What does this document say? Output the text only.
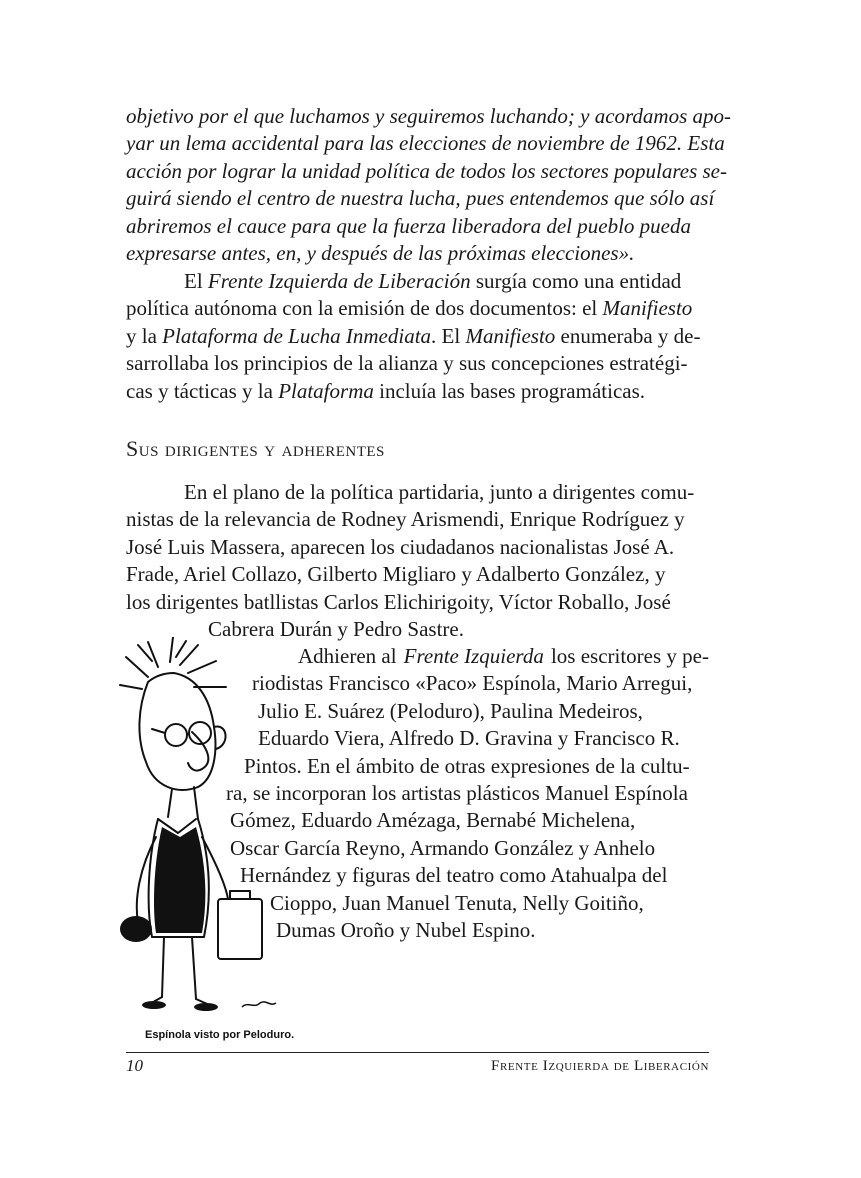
objetivo por el que luchamos y seguiremos luchando; y acordamos apo-
yar un lema accidental para las elecciones de noviembre de 1962. Esta
acción por lograr la unidad política de todos los sectores populares se-
guirá siendo el centro de nuestra lucha, pues entendemos que sólo así
abriremos el cauce para que la fuerza liberadora del pueblo pueda
expresarse antes, en, y después de las próximas elecciones».
El Frente Izquierda de Liberación surgía como una entidad
política autónoma con la emisión de dos documentos: el Manifiesto
y la Plataforma de Lucha Inmediata. El Manifiesto enumeraba y de-
sarrollaba los principios de la alianza y sus concepciones estratégi-
cas y tácticas y la Plataforma incluía las bases programáticas.
Sus dirigentes y adherentes
En el plano de la política partidaria, junto a dirigentes comu-
nistas de la relevancia de Rodney Arismendi, Enrique Rodríguez y
José Luis Massera, aparecen los ciudadanos nacionalistas José A.
Frade, Ariel Collazo, Gilberto Migliaro y Adalberto González, y
los dirigentes batllistas Carlos Elichirigoity, Víctor Roballo, José
Cabrera Durán y Pedro Sastre.
Adhieren al Frente Izquierda los escritores y pe-
riodistas Francisco «Paco» Espínola, Mario Arregui,
Julio E. Suárez (Peloduro), Paulina Medeiros,
Eduardo Viera, Alfredo D. Gravina y Francisco R.
Pintos. En el ámbito de otras expresiones de la cultu-
ra, se incorporan los artistas plásticos Manuel Espínola
Gómez, Eduardo Amézaga, Bernabé Michelena,
Oscar García Reyno, Armando González y Anhelo
Hernández y figuras del teatro como Atahualpa del
Cioppo, Juan Manuel Tenuta, Nelly Goitiño,
Dumas Oroño y Nubel Espino.
Espínola visto por Peloduro.
10	Frente Izquierda de Liberación
